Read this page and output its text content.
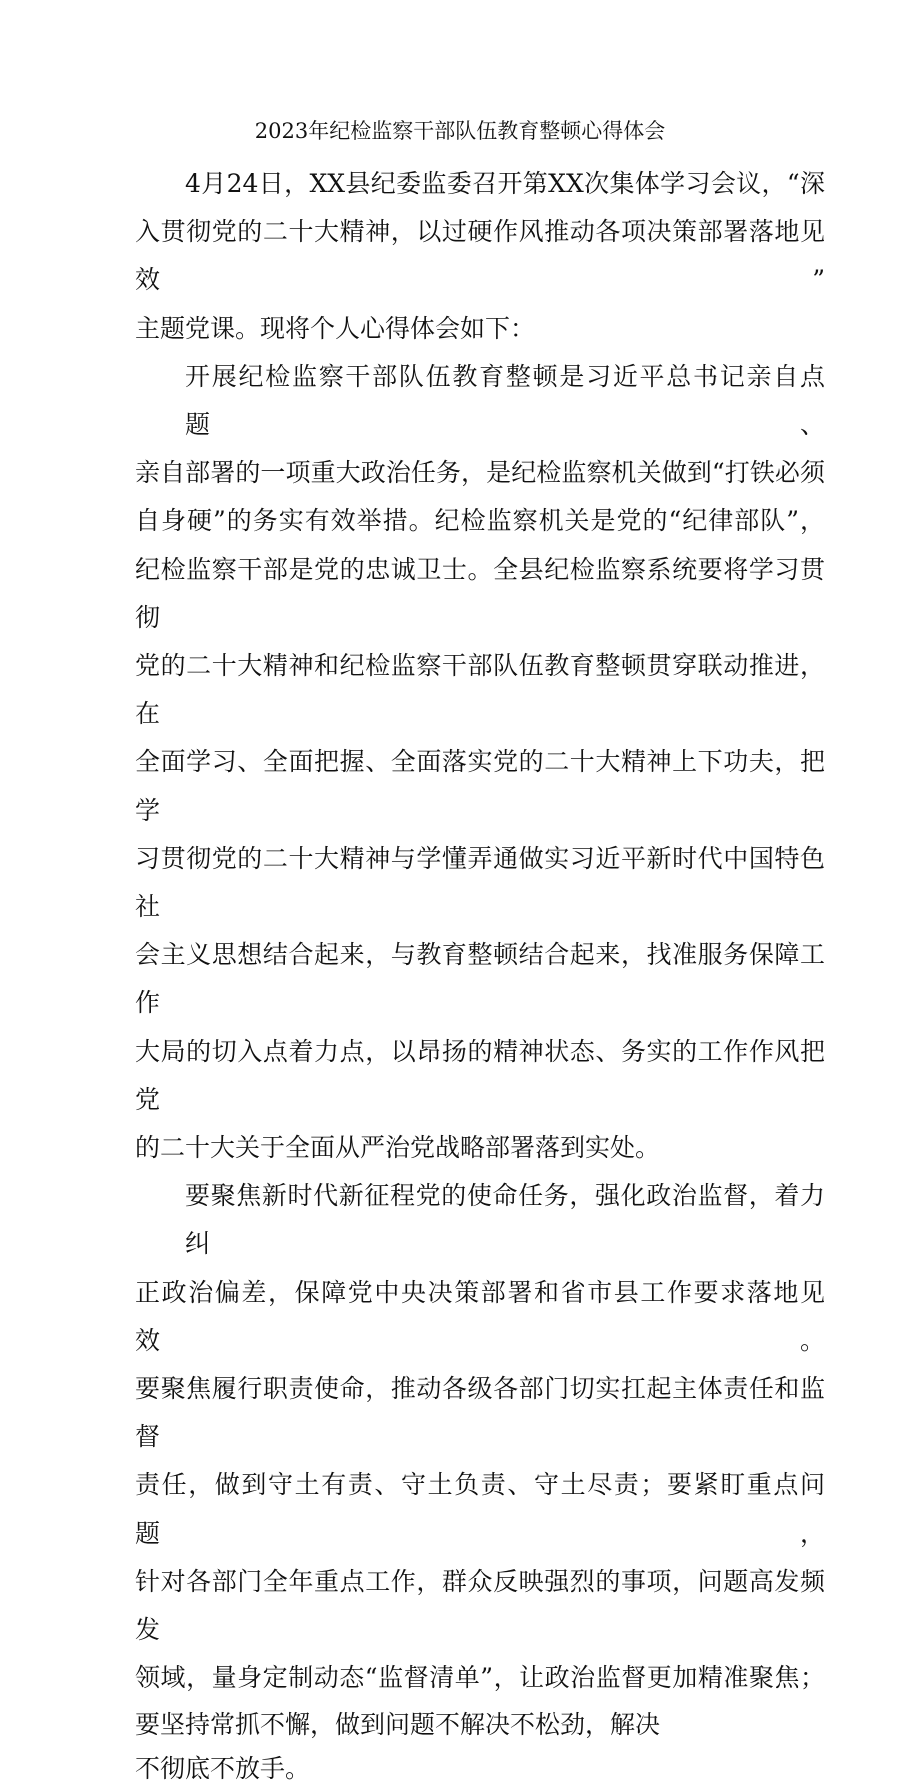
2023年纪检监察干部队伍教育整顿心得体会

4月24日，XX县纪委监委召开第XX次集体学习会议，“深
入贯彻党的二十大精神，以过硬作风推动各项决策部署落地见效”
主题党课。现将个人心得体会如下：

开展纪检监察干部队伍教育整顿是习近平总书记亲自点题、
亲自部署的一项重大政治任务，是纪检监察机关做到“打铁必须
自身硬”的务实有效举措。纪检监察机关是党的“纪律部队”，
纪检监察干部是党的忠诚卫士。全县纪检监察系统要将学习贯彻
党的二十大精神和纪检监察干部队伍教育整顿贯穿联动推进，在
全面学习、全面把握、全面落实党的二十大精神上下功夫，把学
习贯彻党的二十大精神与学懂弄通做实习近平新时代中国特色社
会主义思想结合起来，与教育整顿结合起来，找准服务保障工作
大局的切入点着力点，以昂扬的精神状态、务实的工作作风把党
的二十大关于全面从严治党战略部署落到实处。

要聚焦新时代新征程党的使命任务，强化政治监督，着力纠
正政治偏差，保障党中央决策部署和省市县工作要求落地见效。
要聚焦履行职责使命，推动各级各部门切实扛起主体责任和监督
责任，做到守土有责、守土负责、守土尽责；要紧盯重点问题，
针对各部门全年重点工作，群众反映强烈的事项，问题高发频发
领域，量身定制动态“监督清单”，让政治监督更加精准聚焦；
要坚持常抓不懈，做到问题不解决不松劲，解决
不彻底不放手。
